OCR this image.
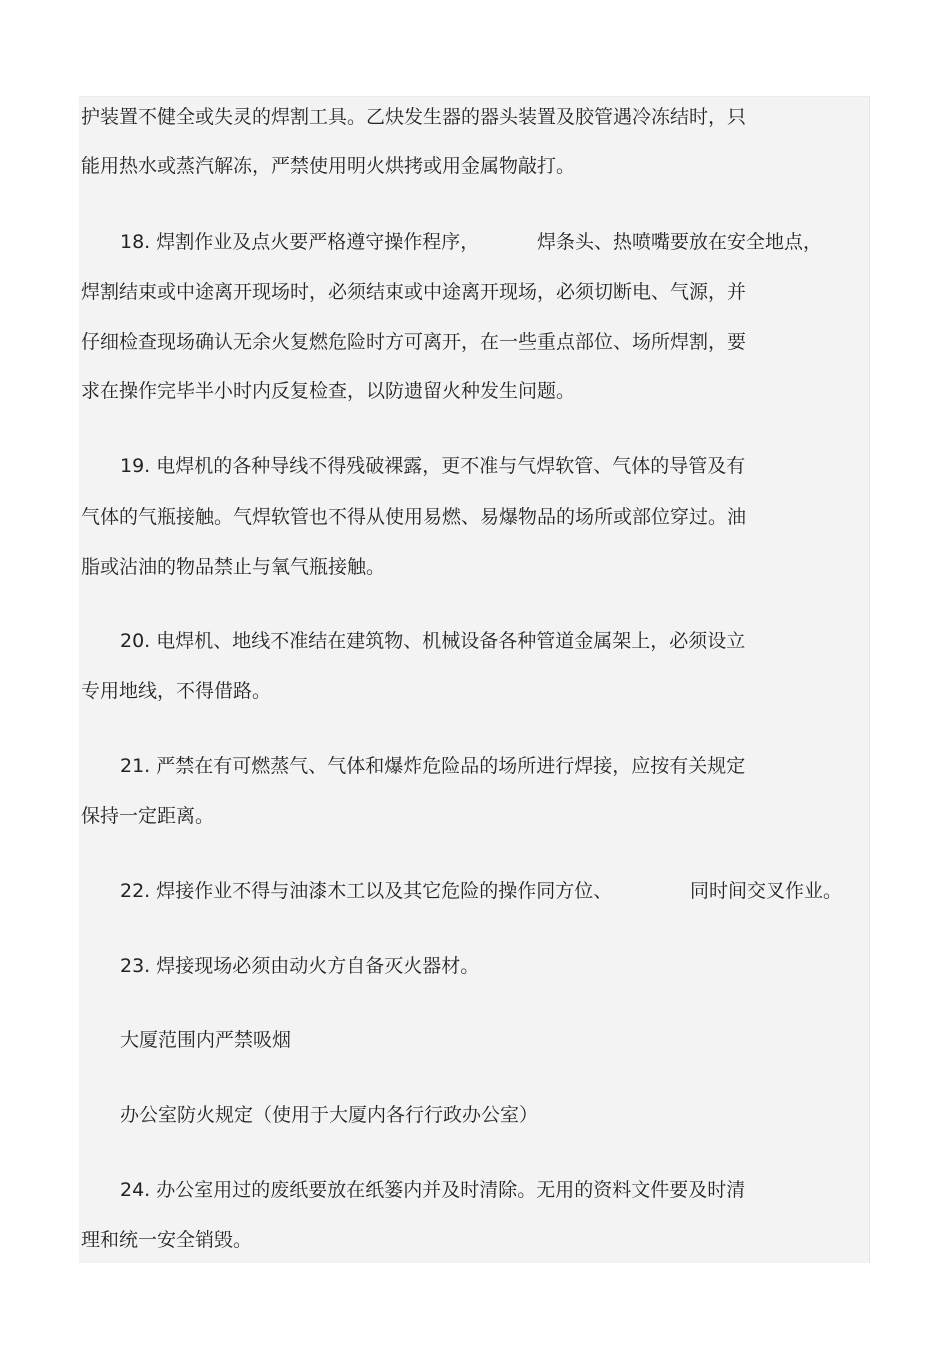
护装置不健全或失灵的焊割工具。乙炔发生器的器头装置及胶管遇冷冻结时，只
能用热水或蒸汽解冻，严禁使用明火烘拷或用金属物敲打。
18. 焊割作业及点火要严格遵守操作程序，	焊条头、热喷嘴要放在安全地点，
焊割结束或中途离开现场时，必须结束或中途离开现场，必须切断电、气源，并
仔细检查现场确认无余火复燃危险时方可离开，在一些重点部位、场所焊割，要
求在操作完毕半小时内反复检查，以防遗留火种发生问题。
19. 电焊机的各种导线不得残破裸露，更不准与气焊软管、气体的导管及有
气体的气瓶接触。气焊软管也不得从使用易燃、易爆物品的场所或部位穿过。油
脂或沾油的物品禁止与氧气瓶接触。
20. 电焊机、地线不准结在建筑物、机械设备各种管道金属架上，必须设立
专用地线，不得借路。
21. 严禁在有可燃蒸气、气体和爆炸危险品的场所进行焊接，应按有关规定
保持一定距离。
22. 焊接作业不得与油漆木工以及其它危险的操作同方位、	同时间交叉作业。
23. 焊接现场必须由动火方自备灭火器材。
大厦范围内严禁吸烟
办公室防火规定（使用于大厦内各行行政办公室）
24. 办公室用过的废纸要放在纸篓内并及时清除。无用的资料文件要及时清
理和统一安全销毁。
